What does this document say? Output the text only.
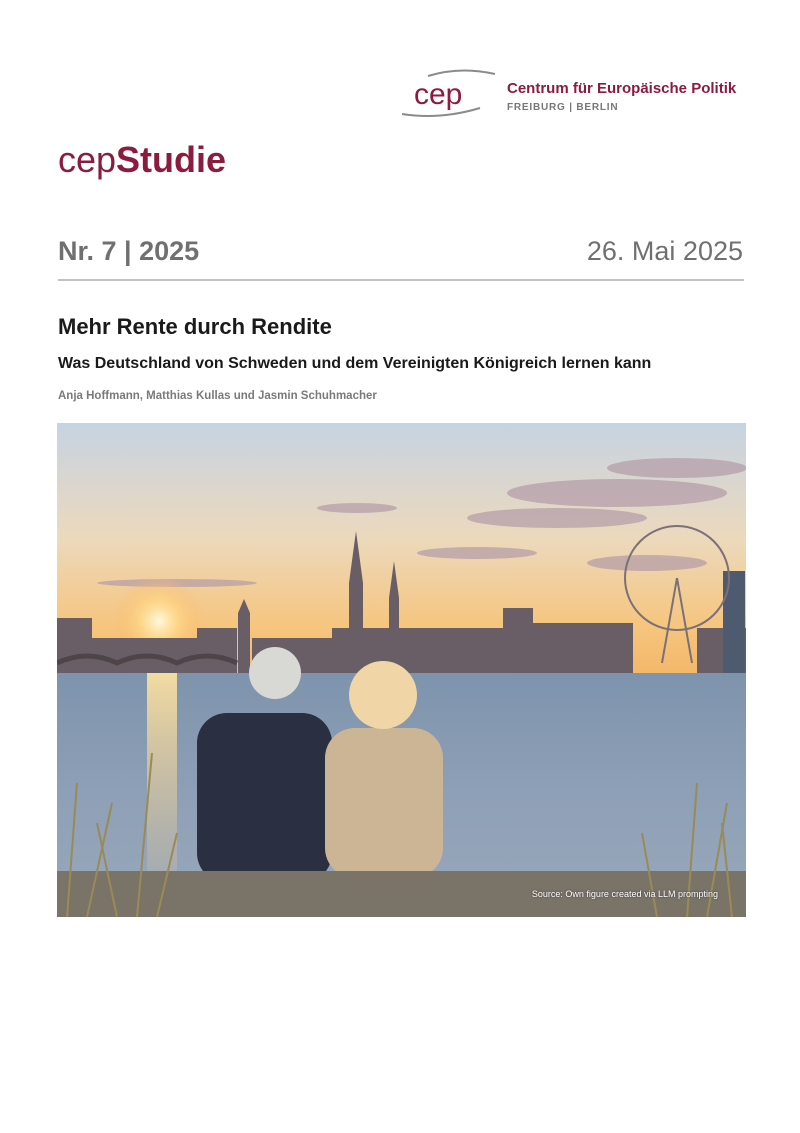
cep	Centrum für Europäische Politik
FREIBURG | BERLIN
cepStudie
Nr. 7 | 2025	26. Mai 2025
Mehr Rente durch Rendite
Was Deutschland von Schweden und dem Vereinigten Königreich lernen kann
Anja Hoffmann, Matthias Kullas und Jasmin Schuhmacher
Source: Own figure created via LLM prompting
